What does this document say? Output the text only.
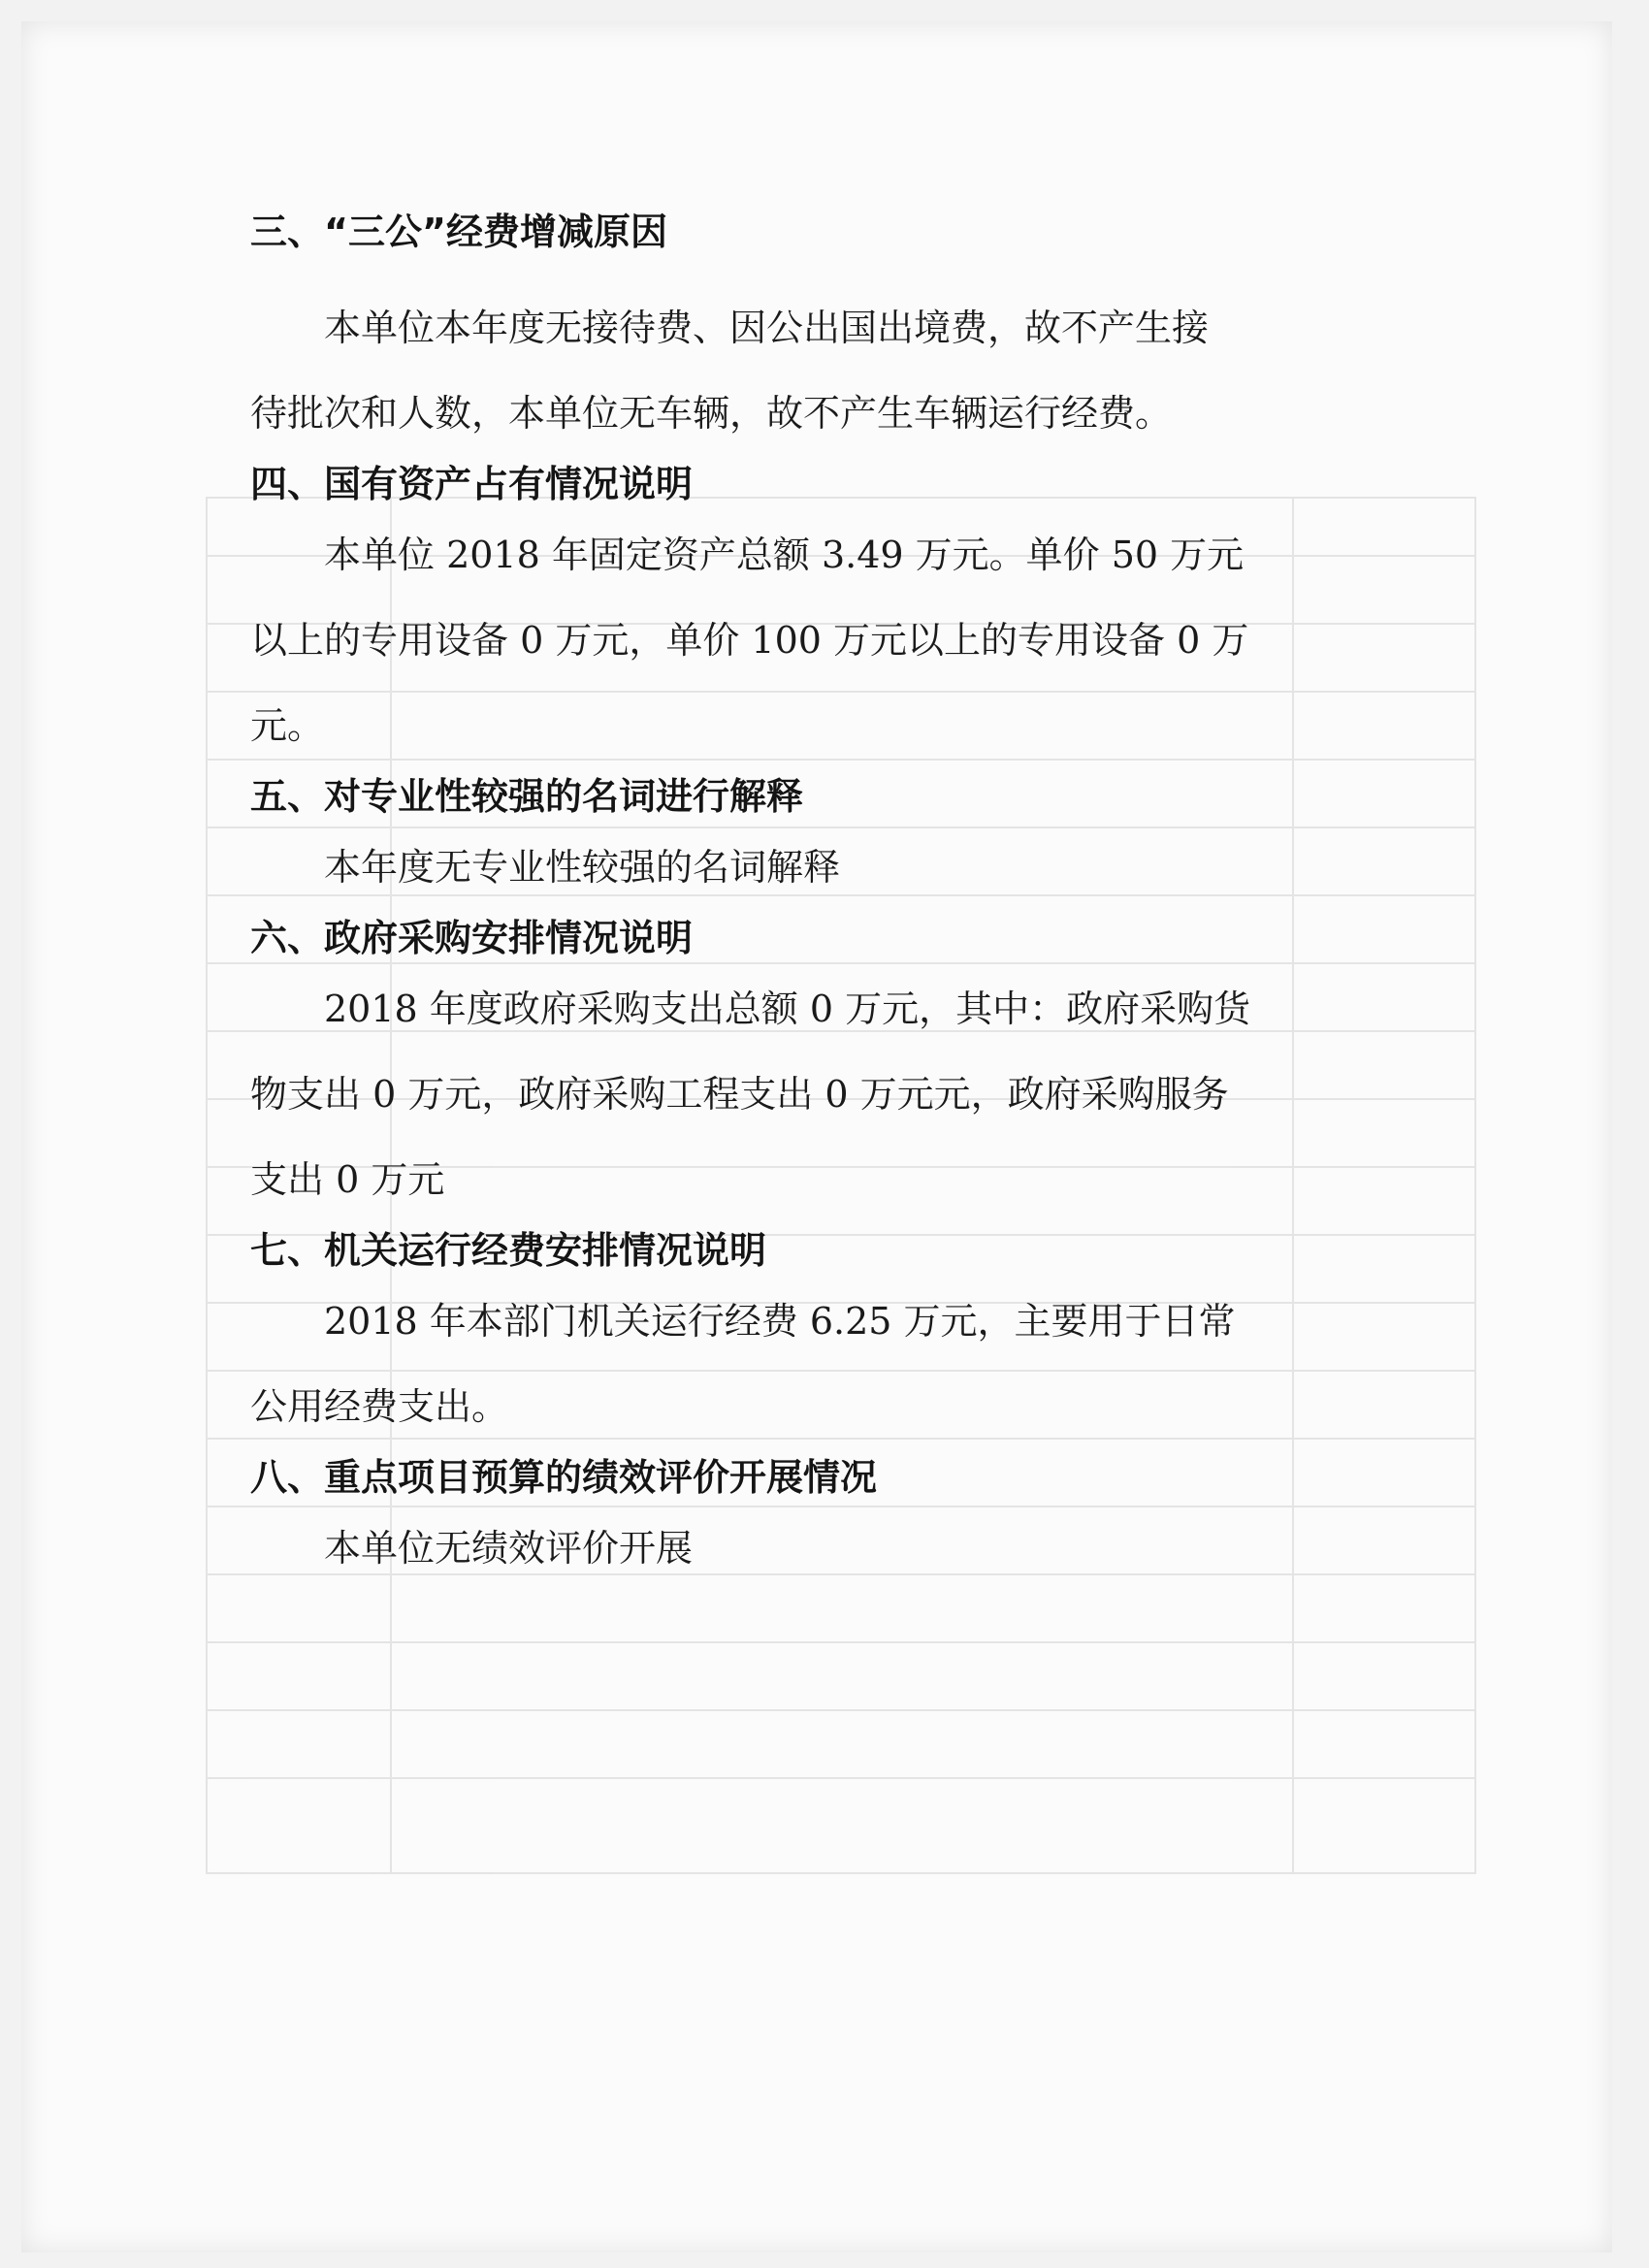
三、“三公”经费增减原因

本单位本年度无接待费、因公出国出境费，故不产生接
待批次和人数，本单位无车辆，故不产生车辆运行经费。

四、国有资产占有情况说明

本单位 2018 年固定资产总额 3.49 万元。单价 50 万元
以上的专用设备 0 万元，单价 100 万元以上的专用设备 0 万
元。

五、对专业性较强的名词进行解释

本年度无专业性较强的名词解释

六、政府采购安排情况说明

2018 年度政府采购支出总额 0 万元，其中：政府采购货
物支出 0 万元，政府采购工程支出 0 万元元，政府采购服务
支出 0 万元

七、机关运行经费安排情况说明

2018 年本部门机关运行经费 6.25 万元，主要用于日常
公用经费支出。

八、重点项目预算的绩效评价开展情况

本单位无绩效评价开展
